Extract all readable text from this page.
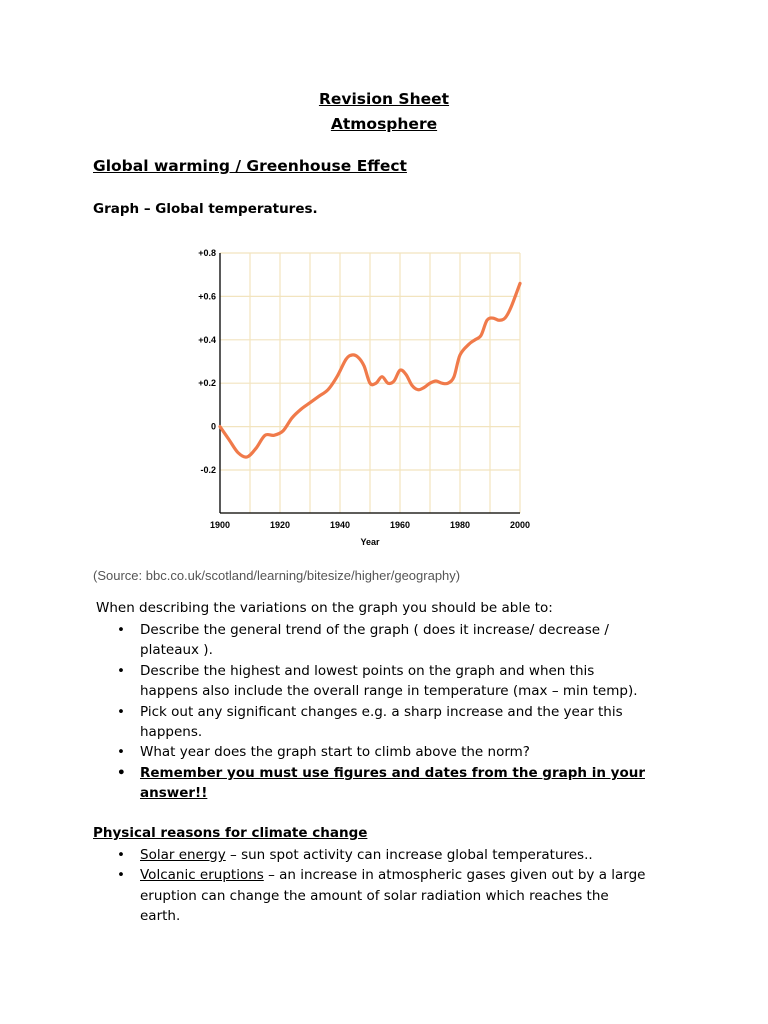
Revision Sheet
Atmosphere
Global warming / Greenhouse Effect
Graph – Global temperatures.
+0.8
+0.6
+0.4
+0.2
0
-0.2
1900	1920	1940	1960	1980	2000
Year
(Source: bbc.co.uk/scotland/learning/bitesize/higher/geography)
When describing the variations on the graph you should be able to:
• Describe the general trend of the graph ( does it increase/ decrease /
plateaux ).
• Describe the highest and lowest points on the graph and when this
happens also include the overall range in temperature (max – min temp).
• Pick out any significant changes e.g. a sharp increase and the year this
happens.
• What year does the graph start to climb above the norm?
• Remember you must use figures and dates from the graph in your
answer!!
Physical reasons for climate change
• Solar energy – sun spot activity can increase global temperatures..
• Volcanic eruptions – an increase in atmospheric gases given out by a large
eruption can change the amount of solar radiation which reaches the
earth.
